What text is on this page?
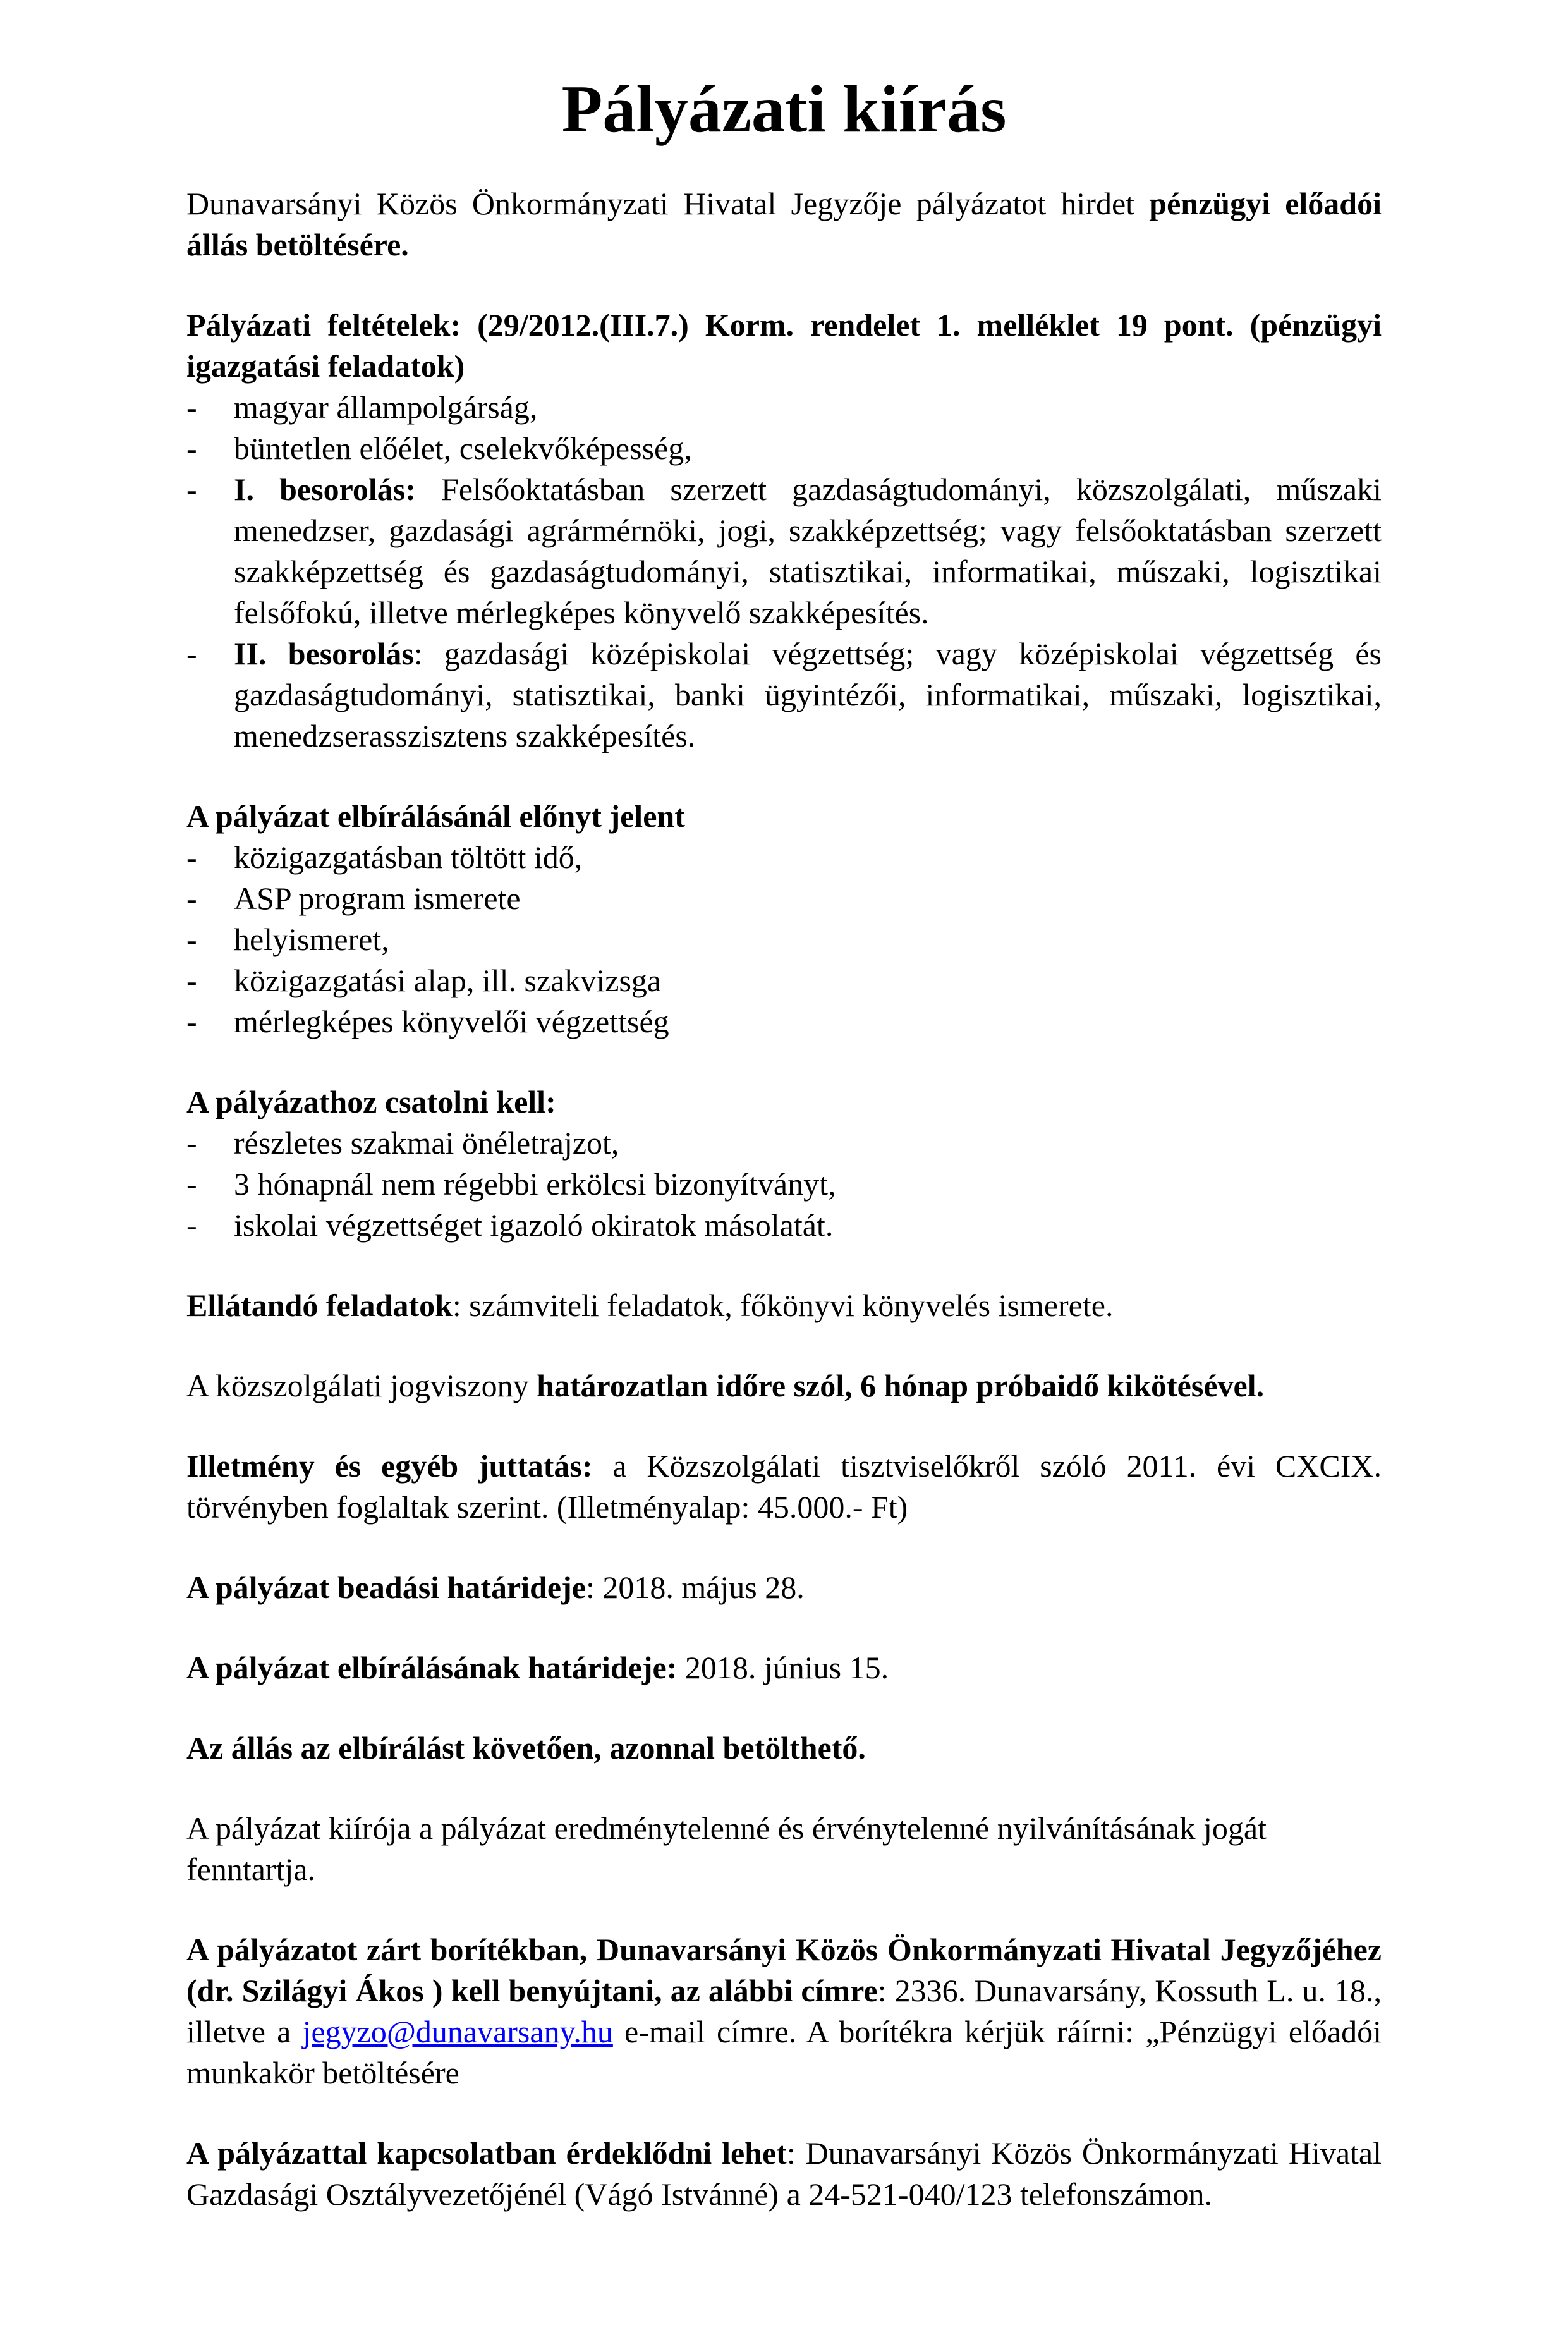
Pályázati kiírás

Dunavarsányi Közös Önkormányzati Hivatal Jegyzője pályázatot hirdet pénzügyi előadói állás betöltésére.

Pályázati feltételek: (29/2012.(III.7.) Korm. rendelet 1. melléklet 19 pont. (pénzügyi igazgatási feladatok)

-	magyar állampolgárság,
-	büntetlen előélet, cselekvőképesség,
-	I. besorolás: Felsőoktatásban szerzett gazdaságtudományi, közszolgálati, műszaki menedzser, gazdasági agrármérnöki, jogi, szakképzettség; vagy felsőoktatásban szerzett szakképzettség és gazdaságtudományi, statisztikai, informatikai, műszaki, logisztikai felsőfokú, illetve mérlegképes könyvelő szakképesítés.
-	II. besorolás: gazdasági középiskolai végzettség; vagy középiskolai végzettség és gazdaságtudományi, statisztikai, banki ügyintézői, informatikai, műszaki, logisztikai, menedzserasszisztens szakképesítés.

A pályázat elbírálásánál előnyt jelent

-	közigazgatásban töltött idő,
-	ASP program ismerete
-	helyismeret,
-	közigazgatási alap, ill. szakvizsga
-	mérlegképes könyvelői végzettség

A pályázathoz csatolni kell:

-	részletes szakmai önéletrajzot,
-	3 hónapnál nem régebbi erkölcsi bizonyítványt,
-	iskolai végzettséget igazoló okiratok másolatát.

Ellátandó feladatok: számviteli feladatok, főkönyvi könyvelés ismerete.

A közszolgálati jogviszony határozatlan időre szól, 6 hónap próbaidő kikötésével.

Illetmény és egyéb juttatás: a Közszolgálati tisztviselőkről szóló 2011. évi CXCIX. törvényben foglaltak szerint. (Illetményalap: 45.000.- Ft)

A pályázat beadási határideje: 2018. május 28.

A pályázat elbírálásának határideje: 2018. június 15.

Az állás az elbírálást követően, azonnal betölthető.

A pályázat kiírója a pályázat eredménytelenné és érvénytelenné nyilvánításának jogát fenntartja.

A pályázatot zárt borítékban, Dunavarsányi Közös Önkormányzati Hivatal Jegyzőjéhez (dr. Szilágyi Ákos ) kell benyújtani, az alábbi címre: 2336. Dunavarsány, Kossuth L. u. 18., illetve a jegyzo@dunavarsany.hu e-mail címre. A borítékra kérjük ráírni: „Pénzügyi előadói munkakör betöltésére

A pályázattal kapcsolatban érdeklődni lehet: Dunavarsányi Közös Önkormányzati Hivatal Gazdasági Osztályvezetőjénél (Vágó Istvánné) a 24-521-040/123 telefonszámon.
